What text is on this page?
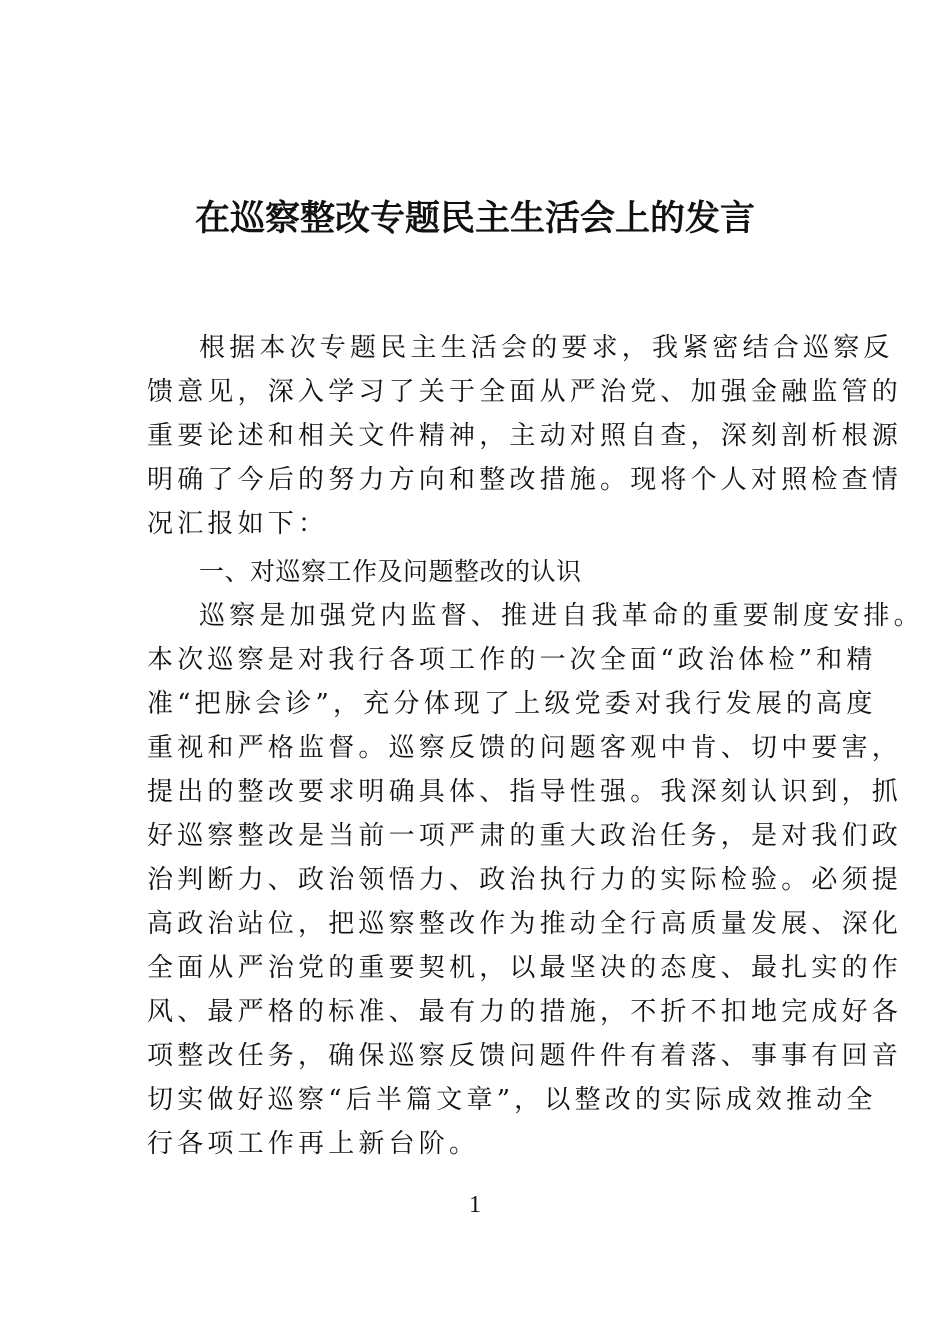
在巡察整改专题民主生活会上的发言
根据本次专题民主生活会的要求，我紧密结合巡察反
馈意见，深入学习了关于全面从严治党、加强金融监管的
重要论述和相关文件精神，主动对照自查，深刻剖析根源
明确了今后的努力方向和整改措施。现将个人对照检查情
况汇报如下：
一、对巡察工作及问题整改的认识
巡察是加强党内监督、推进自我革命的重要制度安排。
本次巡察是对我行各项工作的一次全面“政治体检”和精
准“把脉会诊”，充分体现了上级党委对我行发展的高度
重视和严格监督。巡察反馈的问题客观中肯、切中要害，
提出的整改要求明确具体、指导性强。我深刻认识到，抓
好巡察整改是当前一项严肃的重大政治任务，是对我们政
治判断力、政治领悟力、政治执行力的实际检验。必须提
高政治站位，把巡察整改作为推动全行高质量发展、深化
全面从严治党的重要契机，以最坚决的态度、最扎实的作
风、最严格的标准、最有力的措施，不折不扣地完成好各
项整改任务，确保巡察反馈问题件件有着落、事事有回音
切实做好巡察“后半篇文章”，以整改的实际成效推动全
行各项工作再上新台阶。
1
